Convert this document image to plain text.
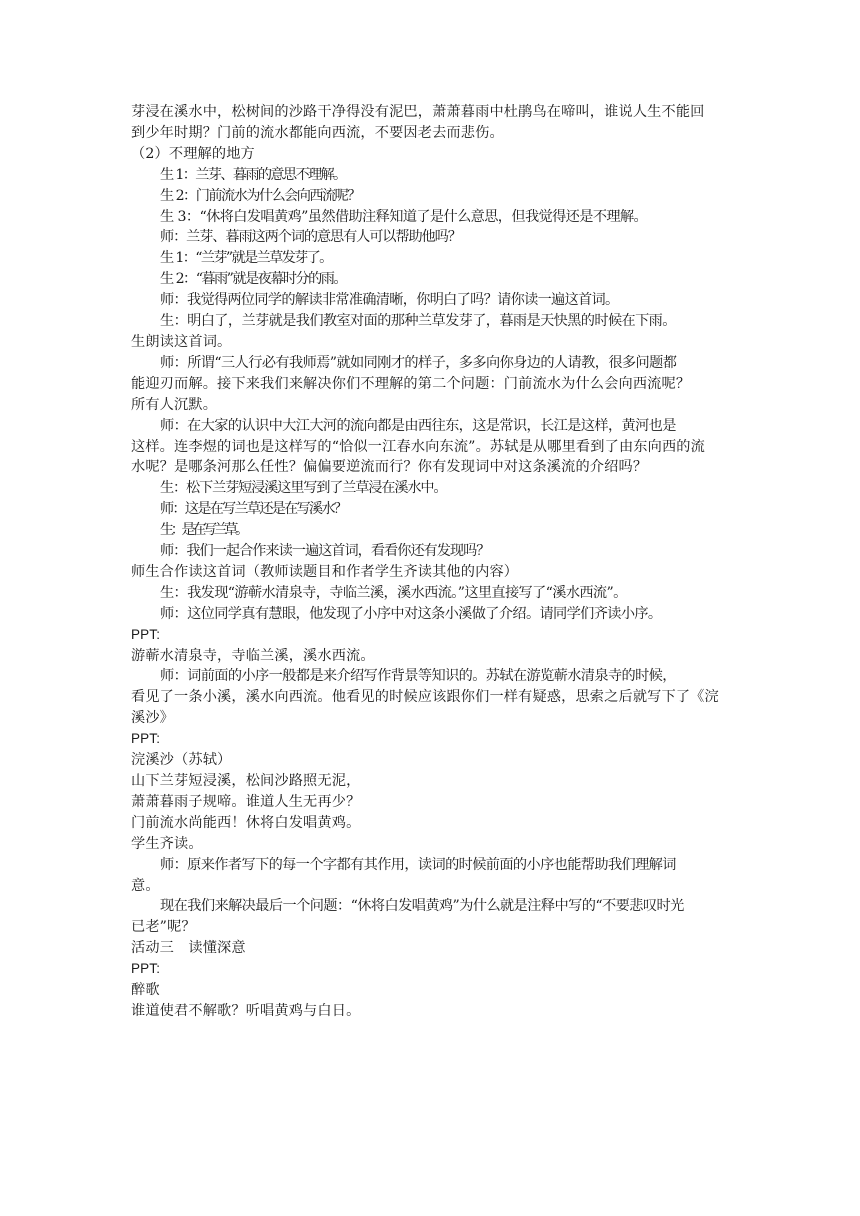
芽浸在溪水中，松树间的沙路干净得没有泥巴，萧萧暮雨中杜鹃鸟在啼叫，谁说人生不能回
到少年时期？门前的流水都能向西流，不要因老去而悲伤。
（2）不理解的地方
生 1：兰芽、暮雨的意思不理解。
生 2：门前流水为什么会向西流呢？
生 3：“休将白发唱黄鸡”虽然借助注释知道了是什么意思，但我觉得还是不理解。
师：兰芽、暮雨这两个词的意思有人可以帮助他吗？
生 1：“兰芽”就是兰草发芽了。
生 2：“暮雨”就是夜幕时分的雨。
师：我觉得两位同学的解读非常准确清晰，你明白了吗？请你读一遍这首词。
生：明白了，兰芽就是我们教室对面的那种兰草发芽了，暮雨是天快黑的时候在下雨。
生朗读这首词。
师：所谓“三人行必有我师焉”就如同刚才的样子，多多向你身边的人请教，很多问题都
能迎刃而解。接下来我们来解决你们不理解的第二个问题：门前流水为什么会向西流呢？
所有人沉默。
师：在大家的认识中大江大河的流向都是由西往东，这是常识，长江是这样，黄河也是
这样。连李煜的词也是这样写的“恰似一江春水向东流”。苏轼是从哪里看到了由东向西的流
水呢？是哪条河那么任性？偏偏要逆流而行？你有发现词中对这条溪流的介绍吗？
生：松下兰芽短浸溪这里写到了兰草浸在溪水中。
师：这是在写兰草还是在写溪水？
生：是在写兰草。
师：我们一起合作来读一遍这首词，看看你还有发现吗？
师生合作读这首词（教师读题目和作者学生齐读其他的内容）
生：我发现“游蕲水清泉寺，寺临兰溪，溪水西流。”这里直接写了“溪水西流”。
师：这位同学真有慧眼，他发现了小序中对这条小溪做了介绍。请同学们齐读小序。
PPT:
游蕲水清泉寺，寺临兰溪，溪水西流。
师：词前面的小序一般都是来介绍写作背景等知识的。苏轼在游览蕲水清泉寺的时候，
看见了一条小溪，溪水向西流。他看见的时候应该跟你们一样有疑惑，思索之后就写下了《浣
溪沙》
PPT:
浣溪沙（苏轼）
山下兰芽短浸溪，松间沙路照无泥，
萧萧暮雨子规啼。谁道人生无再少？
门前流水尚能西！休将白发唱黄鸡。
学生齐读。
师：原来作者写下的每一个字都有其作用，读词的时候前面的小序也能帮助我们理解词
意。
现在我们来解决最后一个问题：“休将白发唱黄鸡”为什么就是注释中写的“不要悲叹时光
已老”呢？
活动三　读懂深意
PPT:
醉歌
谁道使君不解歌？听唱黄鸡与白日。
